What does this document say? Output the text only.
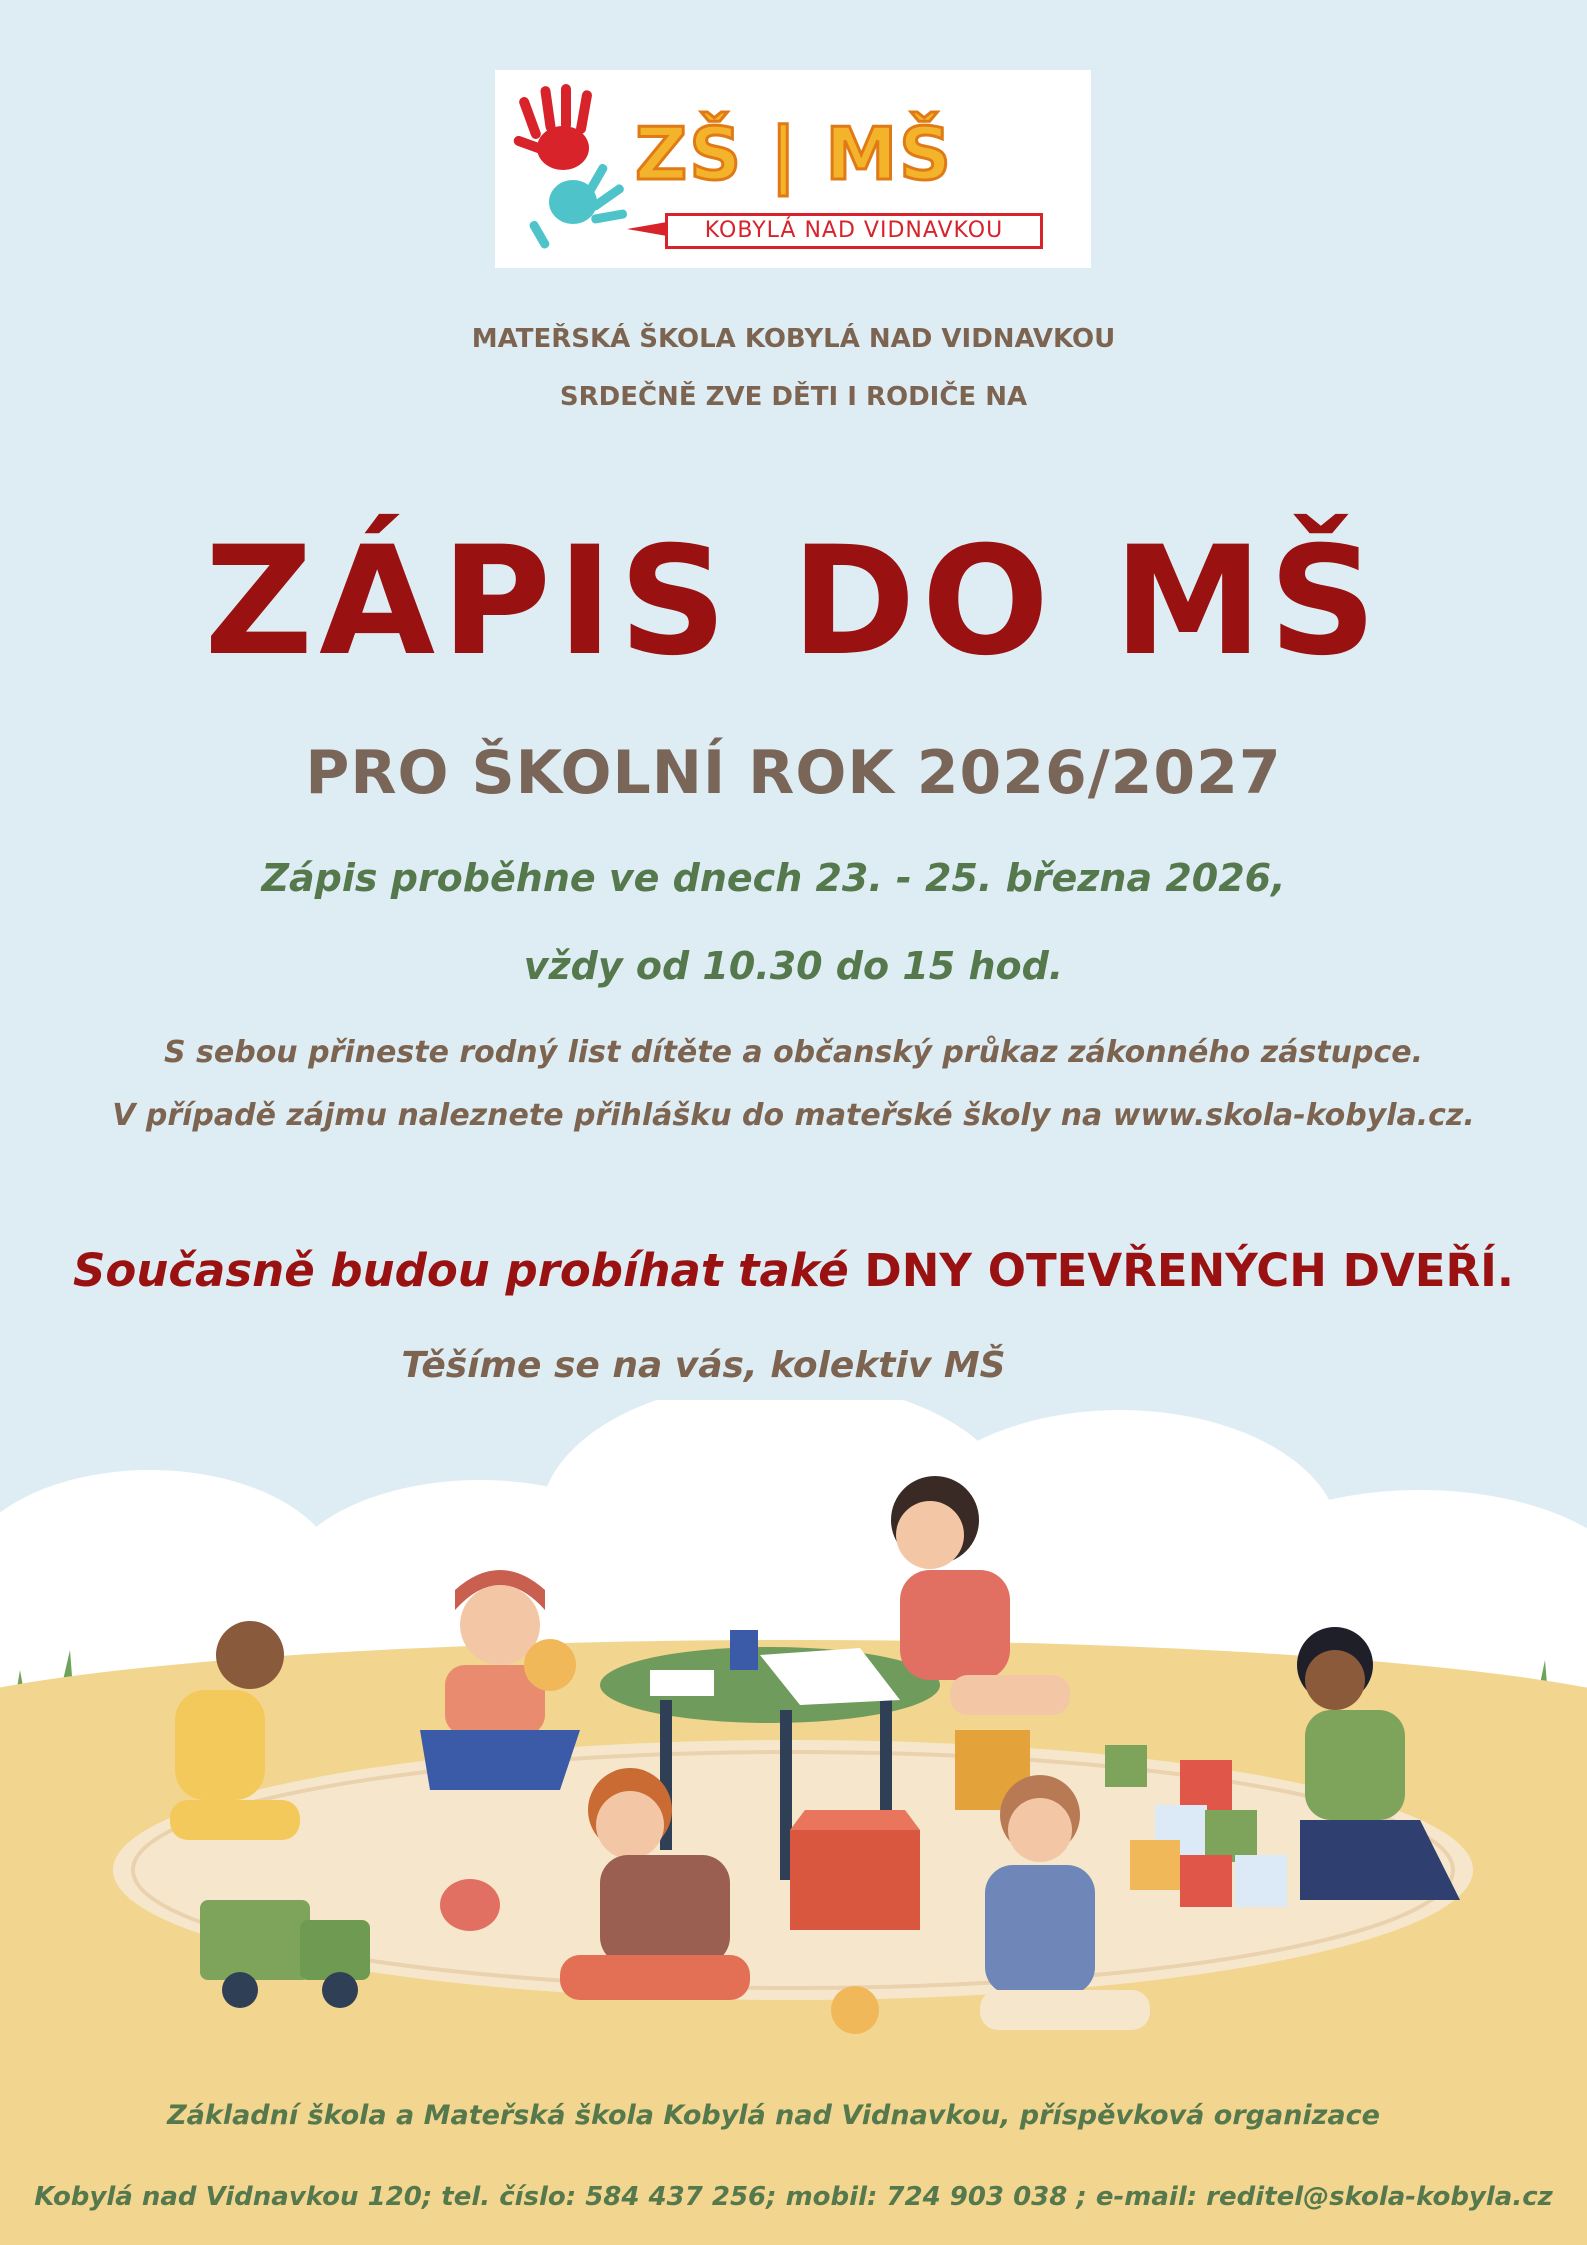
ZŠ | MŠ
KOBYLÁ NAD VIDNAVKOU
MATEŘSKÁ ŠKOLA KOBYLÁ NAD VIDNAVKOU
SRDEČNĚ ZVE DĚTI I RODIČE NA
ZÁPIS DO MŠ
PRO ŠKOLNÍ ROK 2026/2027
Zápis proběhne ve dnech 23. - 25. března 2026,
vždy od 10.30 do 15 hod.
S sebou přineste rodný list dítěte a občanský průkaz zákonného zástupce.
V případě zájmu naleznete přihlášku do mateřské školy na www.skola-kobyla.cz.
Současně budou probíhat také DNY OTEVŘENÝCH DVEŘÍ.
Těšíme se na vás, kolektiv MŠ
Základní škola a Mateřská škola Kobylá nad Vidnavkou, příspěvková organizace
Kobylá nad Vidnavkou 120; tel. číslo: 584 437 256; mobil: 724 903 038 ; e-mail: reditel@skola-kobyla.cz
